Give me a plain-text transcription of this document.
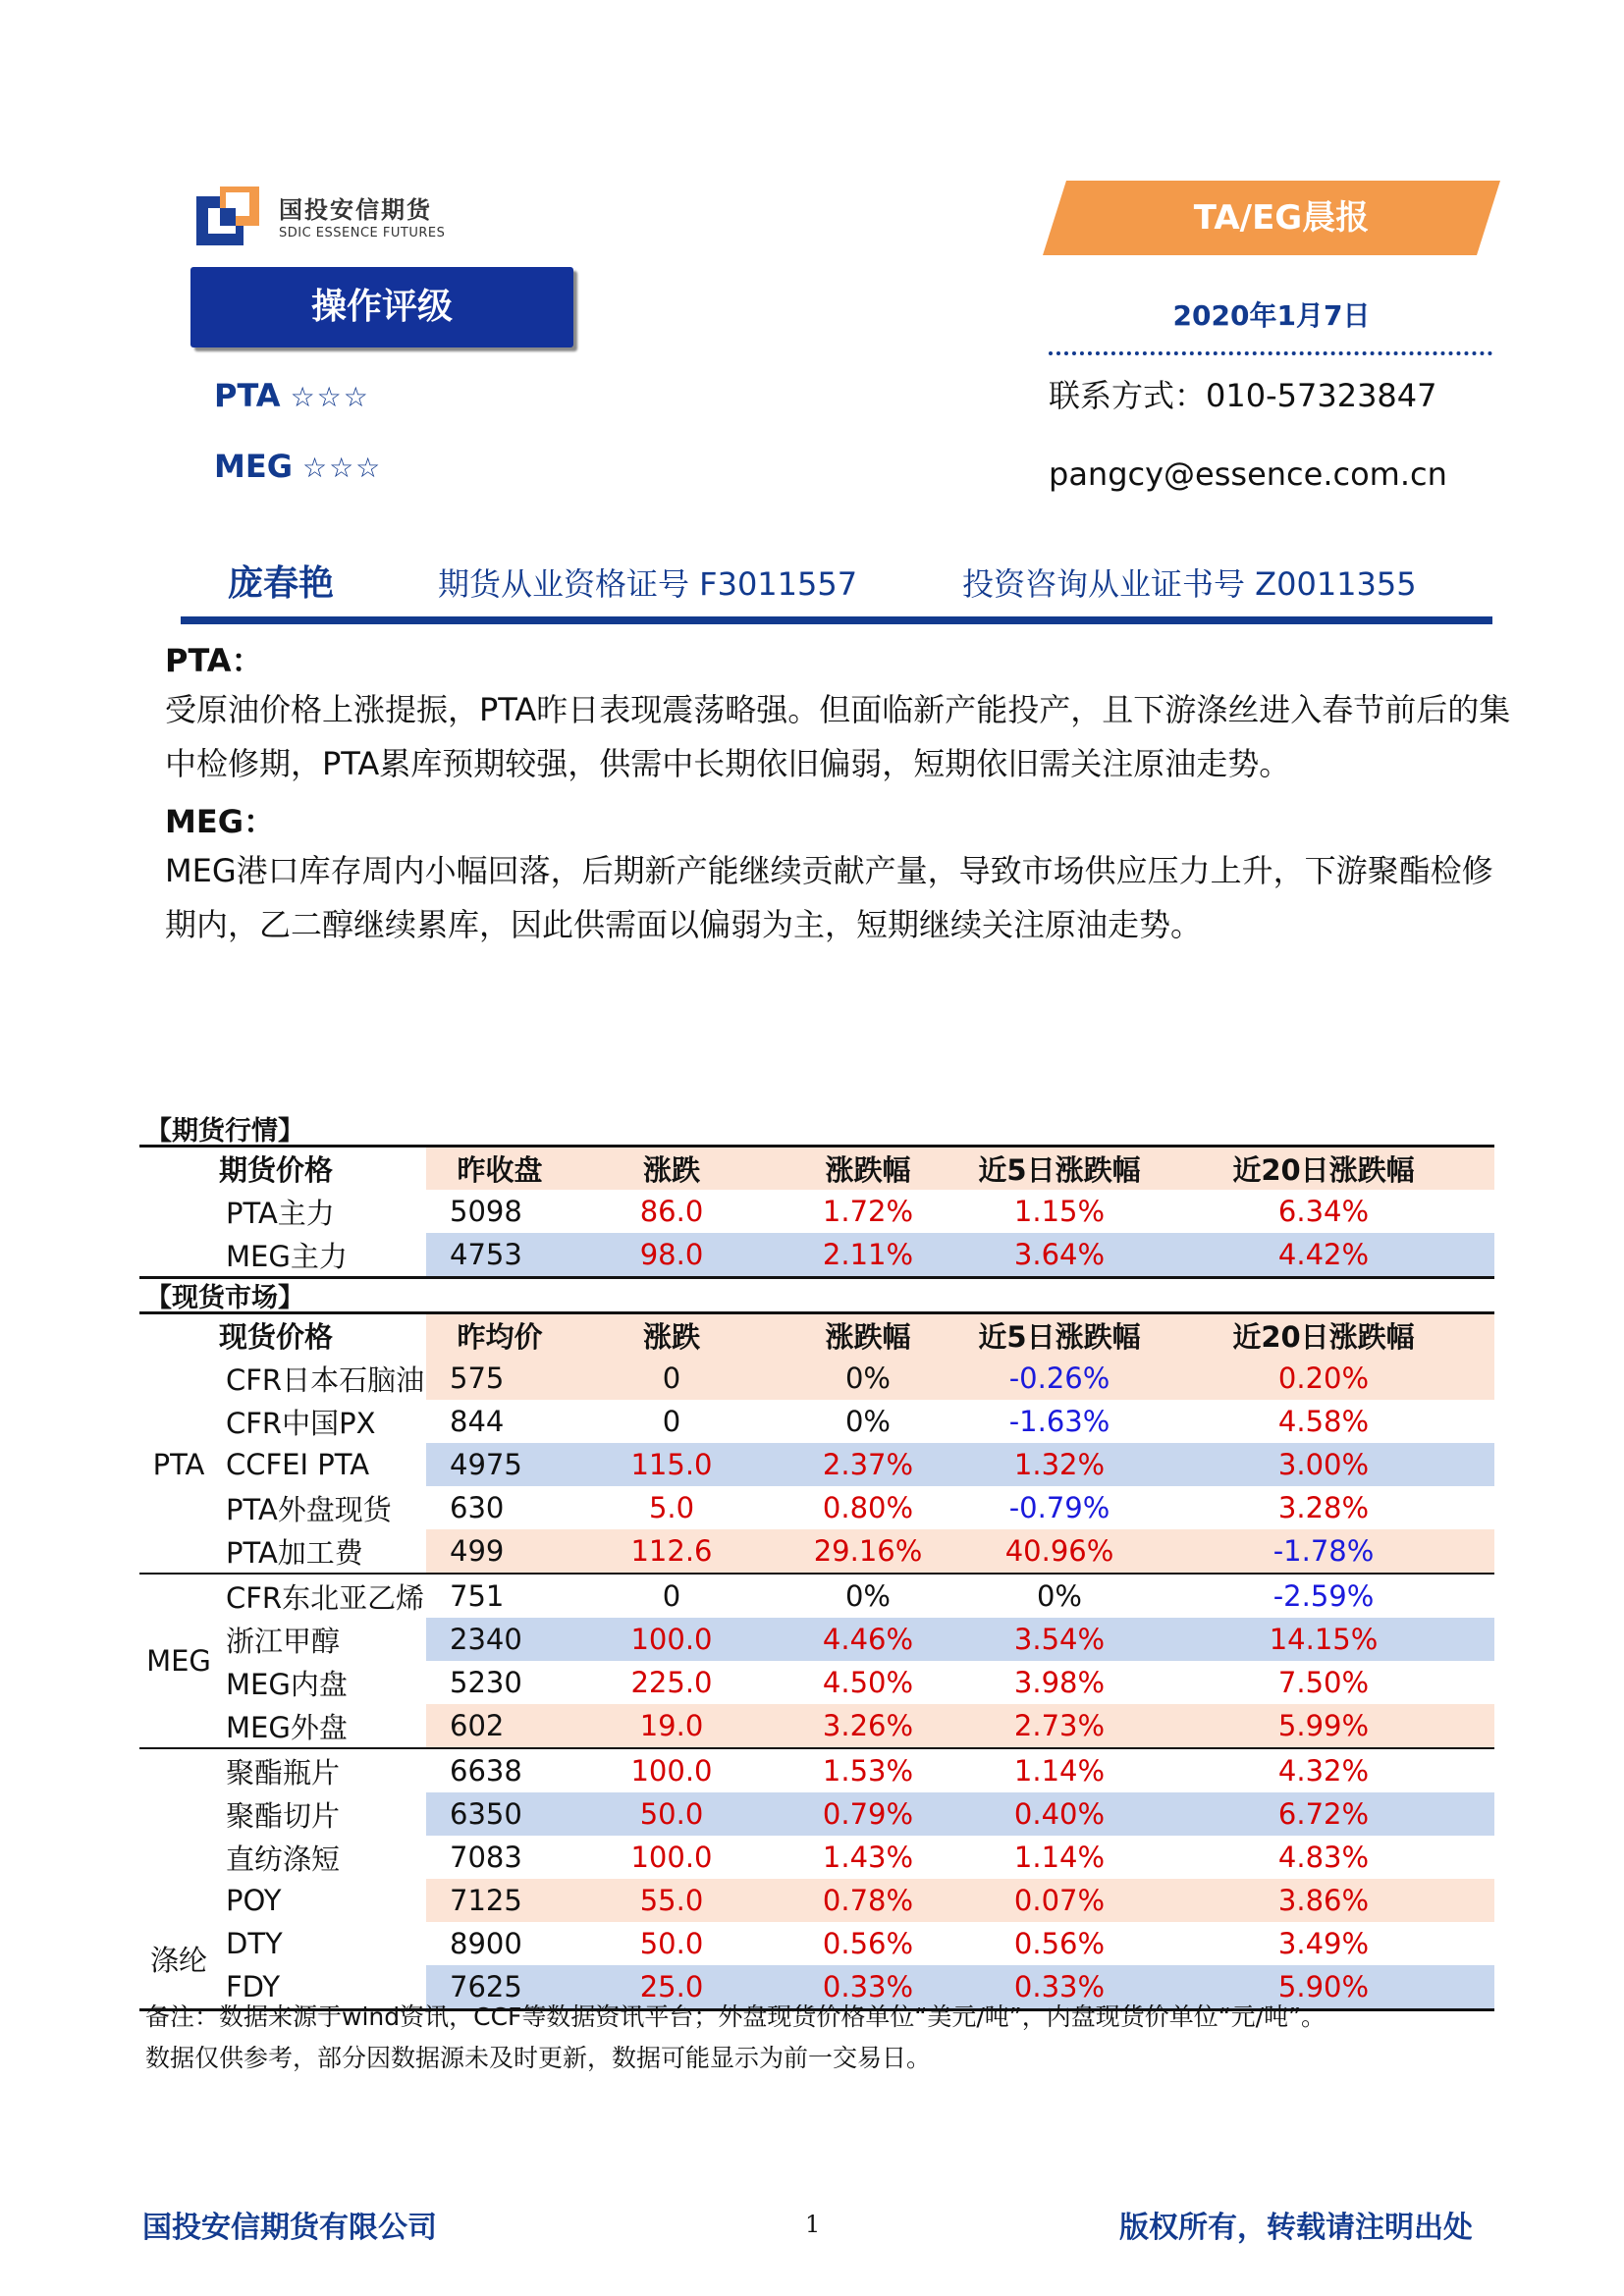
国投安信期货
SDIC ESSENCE FUTURES	TA/EG晨报
2020年1月7日
联系方式：010-57323847
pangcy@essence.com.cn
操作评级
PTA ☆☆☆
MEG ☆☆☆
庞春艳	期货从业资格证号 F3011557	投资咨询从业证书号 Z0011355
PTA：
受原油价格上涨提振，PTA昨日表现震荡略强。但面临新产能投产，且下游涤丝进入春节前后的集中检修期，PTA累库预期较强，供需中长期依旧偏弱，短期依旧需关注原油走势。
MEG：
MEG港口库存周内小幅回落，后期新产能继续贡献产量，导致市场供应压力上升，下游聚酯检修期内，乙二醇继续累库，因此供需面以偏弱为主，短期继续关注原油走势。
【期货行情】
	期货价格	昨收盘	涨跌	涨跌幅	近5日涨跌幅	近20日涨跌幅
	PTA主力	5098	86.0	1.72%	1.15%	6.34%
	MEG主力	4753	98.0	2.11%	3.64%	4.42%
【现货市场】
	现货价格	昨均价	涨跌	涨跌幅	近5日涨跌幅	近20日涨跌幅
PTA	CFR日本石脑油	575	0	0%	-0.26%	0.20%
	CFR中国PX	844	0	0%	-1.63%	4.58%
	CCFEI PTA	4975	115.0	2.37%	1.32%	3.00%
	PTA外盘现货	630	5.0	0.80%	-0.79%	3.28%
	PTA加工费	499	112.6	29.16%	40.96%	-1.78%
MEG	CFR东北亚乙烯	751	0	0%	0%	-2.59%
	浙江甲醇	2340	100.0	4.46%	3.54%	14.15%
	MEG内盘	5230	225.0	4.50%	3.98%	7.50%
	MEG外盘	602	19.0	3.26%	2.73%	5.99%
涤纶	聚酯瓶片	6638	100.0	1.53%	1.14%	4.32%
	聚酯切片	6350	50.0	0.79%	0.40%	6.72%
	直纺涤短	7083	100.0	1.43%	1.14%	4.83%
	POY	7125	55.0	0.78%	0.07%	3.86%
	DTY	8900	50.0	0.56%	0.56%	3.49%
	FDY	7625	25.0	0.33%	0.33%	5.90%
备注：数据来源于wind资讯，CCF等数据资讯平台；外盘现货价格单位“美元/吨”，内盘现货价单位“元/吨”。
数据仅供参考，部分因数据源未及时更新，数据可能显示为前一交易日。
国投安信期货有限公司	1	版权所有，转载请注明出处
